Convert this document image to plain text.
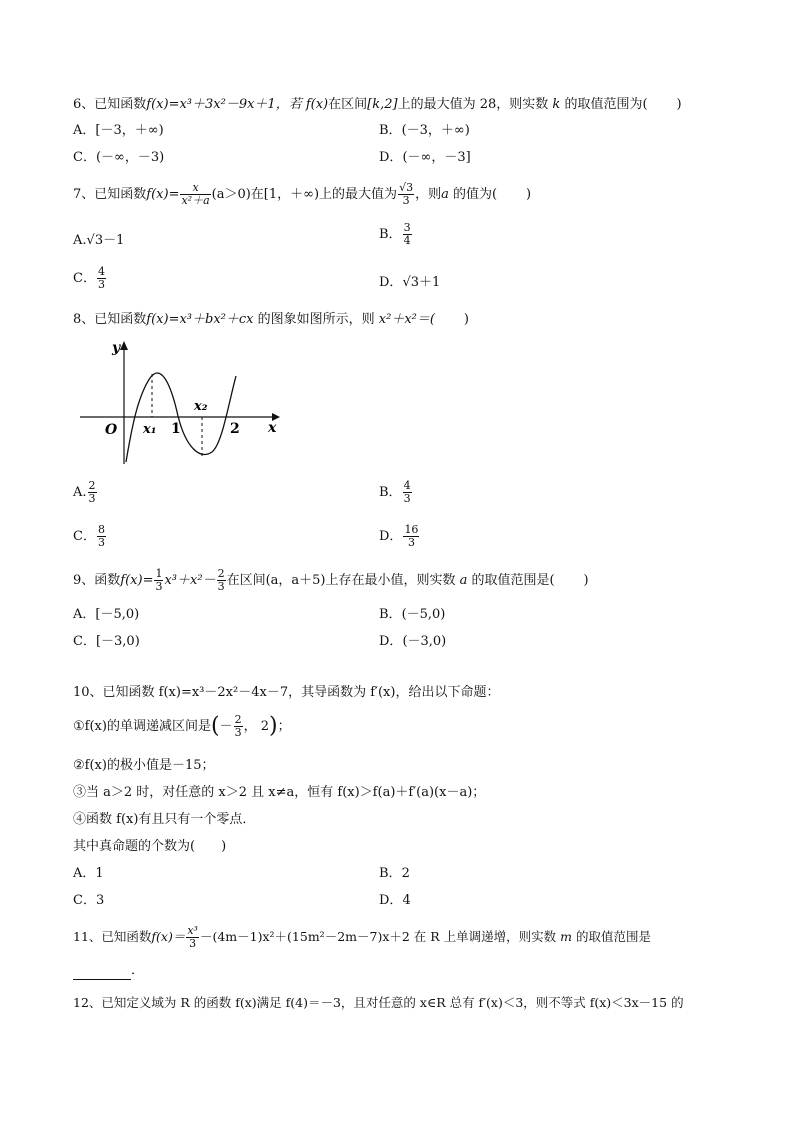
6、已知函数f(x)=x³＋3x²－9x＋1，若 f(x)在区间[k,2]上的最大值为 28，则实数 k 的取值范围为( )
A．[－3，＋∞)	B．(－3，＋∞)
C．(－∞，－3)	D．(－∞，－3]
7、已知函数$f(x)= \frac{x}{\text{x²＋a}} (a>0)$在[1，＋∞)上的最大值为 $\frac{√3}{3}$ ，则a 的值为( )
A.√3－1	B． $\frac{3}{4}$
C． $\frac{4}{3}$	D．√3＋1
8、已知函数f(x)=x³＋bx²＋cx 的图象如图所示，则 x²＋x²＝( )
y
x
O x₁ 1
x₂
2
A. $\frac{2}{3}$	B． $\frac{4}{3}$
C． $\frac{8}{3}$	D． $\frac{16}{3}$
9、函数$f(x)= \frac{1}{3} x^3+x^2- \frac{2}{3}$ 在区间(a，a＋5)上存在最小值，则实数 a 的取值范围是( )
A．[－5,0)	B．(－5,0)
C．[－3,0)	D．(－3,0)
10、已知函数 f(x)=x³－2x²－4x－7，其导函数为 f′(x)，给出以下命题：
①f(x)的单调递减区间是(－ $\frac{2}{3}$ ， 2)；
②f(x)的极小值是－15；
③当 a＞2 时，对任意的 x＞2 且 x≠a，恒有 f(x)＞f(a)＋f′(a)(x－a)；
④函数 f(x)有且只有一个零点．
其中真命题的个数为(　　)
A．1	B．2
C．3	D．4
11、已知函数$f(x)= \frac{\text{x³}}{3} -(4m-1)x^2+(15m^2-2m-7)x+2$ 在 R 上单调递增，则实数 m 的取值范围是
．
12、已知定义域为 R 的函数 f(x)满足 f(4)＝－3，且对任意的 x∈R 总有 f′(x)＜3，则不等式 f(x)＜3x－15 的
